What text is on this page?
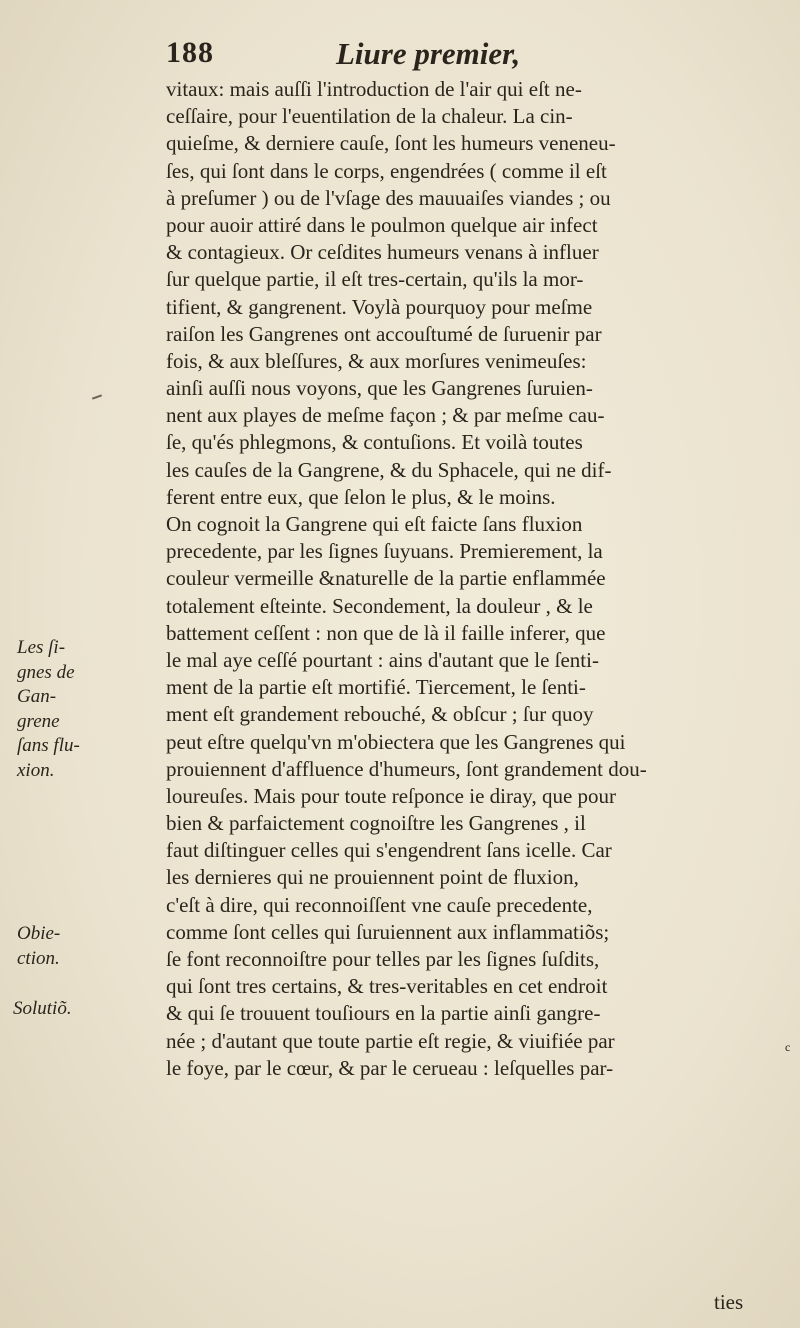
188	Liure premier,
vitaux: mais auſſi l'introduction de l'air qui eſt ne-
ceſſaire, pour l'euentilation de la chaleur. La cin-
quieſme, & derniere cauſe, ſont les humeurs veneneu-
ſes, qui ſont dans le corps, engendrées ( comme il eſt
à preſumer ) ou de l'vſage des mauuaiſes viandes ; ou
pour auoir attiré dans le poulmon quelque air infect
& contagieux. Or ceſdites humeurs venans à influer
ſur quelque partie, il eſt tres-certain, qu'ils la mor-
tifient, & gangrenent. Voylà pourquoy pour meſme
raiſon les Gangrenes ont accouſtumé de ſuruenir par
fois, & aux bleſſures, & aux morſures venimeuſes:
ainſi auſſi nous voyons, que les Gangrenes ſuruien-
nent aux playes de meſme façon ; & par meſme cau-
ſe, qu'és phlegmons, & contuſions. Et voilà toutes
les cauſes de la Gangrene, & du Sphacele, qui ne dif-
ferent entre eux, que ſelon le plus, & le moins.
On cognoit la Gangrene qui eſt faicte ſans fluxion
precedente, par les ſignes ſuyuans. Premierement, la
couleur vermeille &naturelle de la partie enflammée
totalement eſteinte. Secondement, la douleur , & le
battement ceſſent : non que de là il faille inferer, que
le mal aye ceſſé pourtant : ains d'autant que le ſenti-
ment de la partie eſt mortifié. Tiercement, le ſenti-
ment eſt grandement rebouché, & obſcur ; ſur quoy
peut eſtre quelqu'vn m'obiectera que les Gangrenes qui
prouiennent d'affluence d'humeurs, ſont grandement dou-
loureuſes. Mais pour toute reſponce ie diray, que pour
bien & parfaictement cognoiſtre les Gangrenes , il
faut diſtinguer celles qui s'engendrent ſans icelle. Car
les dernieres qui ne prouiennent point de fluxion,
c'eſt à dire, qui reconnoiſſent vne cauſe precedente,
comme ſont celles qui ſuruiennent aux inflammatiõs;
ſe font reconnoiſtre pour telles par les ſignes ſuſdits,
qui ſont tres certains, & tres-veritables en cet endroit
& qui ſe trouuent touſiours en la partie ainſi gangre-
née ; d'autant que toute partie eſt regie, & viuifiée par
le foye, par le cœur, & par le cerueau : leſquelles par-
Les ſi-
gnes de
Gan-
grene
ſans flu-
xion.
Obie-
ction.
Solutiõ.
c
ties
